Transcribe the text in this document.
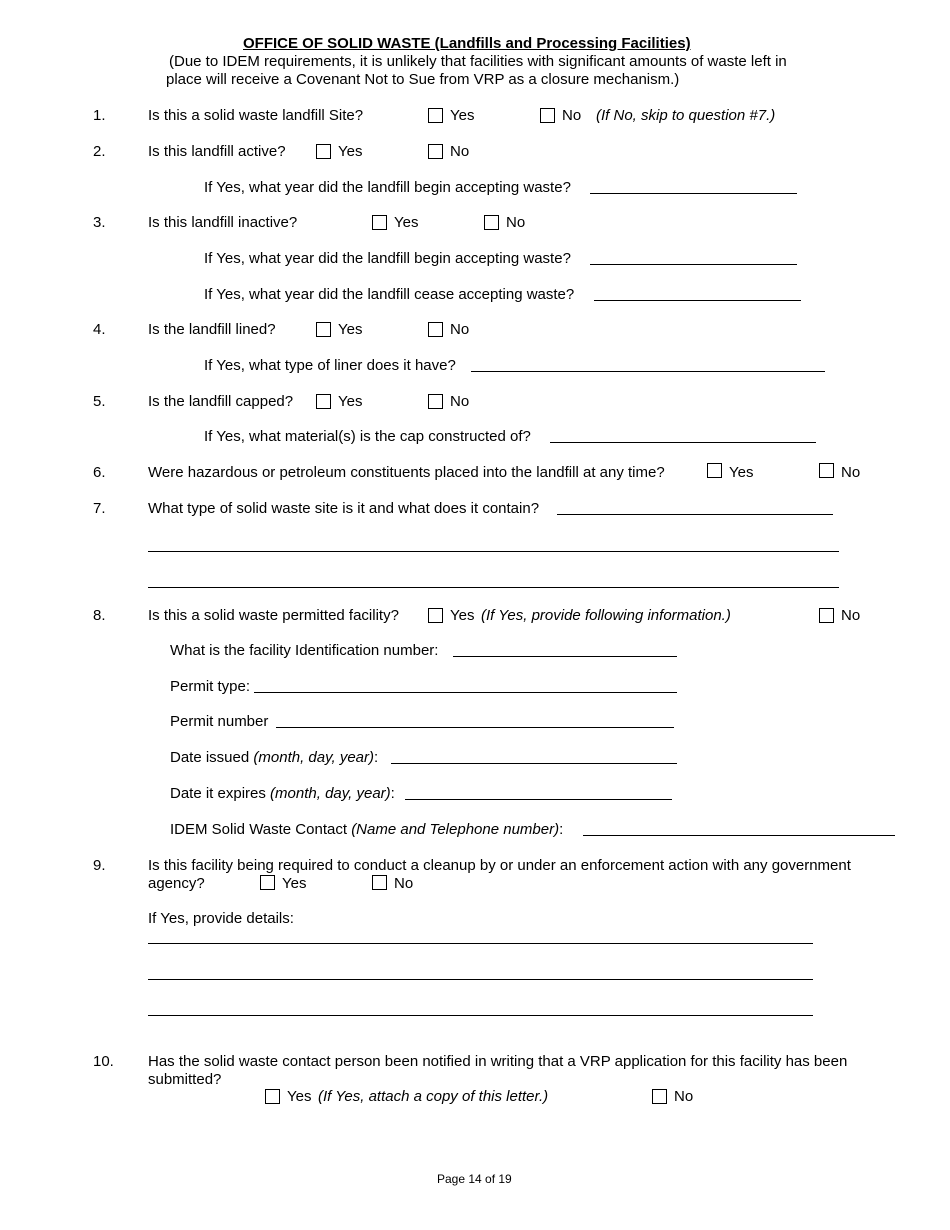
OFFICE OF SOLID WASTE (Landfills and Processing Facilities)
(Due to IDEM requirements, it is unlikely that facilities with significant amounts of waste left in
place will receive a Covenant Not to Sue from VRP as a closure mechanism.)
1.	Is this a solid waste landfill Site?	Yes	No (If No, skip to question #7.)
2.	Is this landfill active?	Yes	No
If Yes, what year did the landfill begin accepting waste?
3.	Is this landfill inactive?	Yes	No
If Yes, what year did the landfill begin accepting waste?
If Yes, what year did the landfill cease accepting waste?
4.	Is the landfill lined?	Yes	No
If Yes, what type of liner does it have?
5.	Is the landfill capped?	Yes	No
If Yes, what material(s) is the cap constructed of?
6.	Were hazardous or petroleum constituents placed into the landfill at any time?	Yes	No
7.	What type of solid waste site is it and what does it contain?
8.	Is this a solid waste permitted facility?	Yes (If Yes, provide following information.)	No
What is the facility Identification number:
Permit type:
Permit number
Date issued (month, day, year):
Date it expires (month, day, year):
IDEM Solid Waste Contact (Name and Telephone number):
9.	Is this facility being required to conduct a cleanup by or under an enforcement action with any government
agency?	Yes	No
If Yes, provide details:
10. Has the solid waste contact person been notified in writing that a VRP application for this facility has been
submitted?
Yes (If Yes, attach a copy of this letter.)	No
Page 14 of 19
